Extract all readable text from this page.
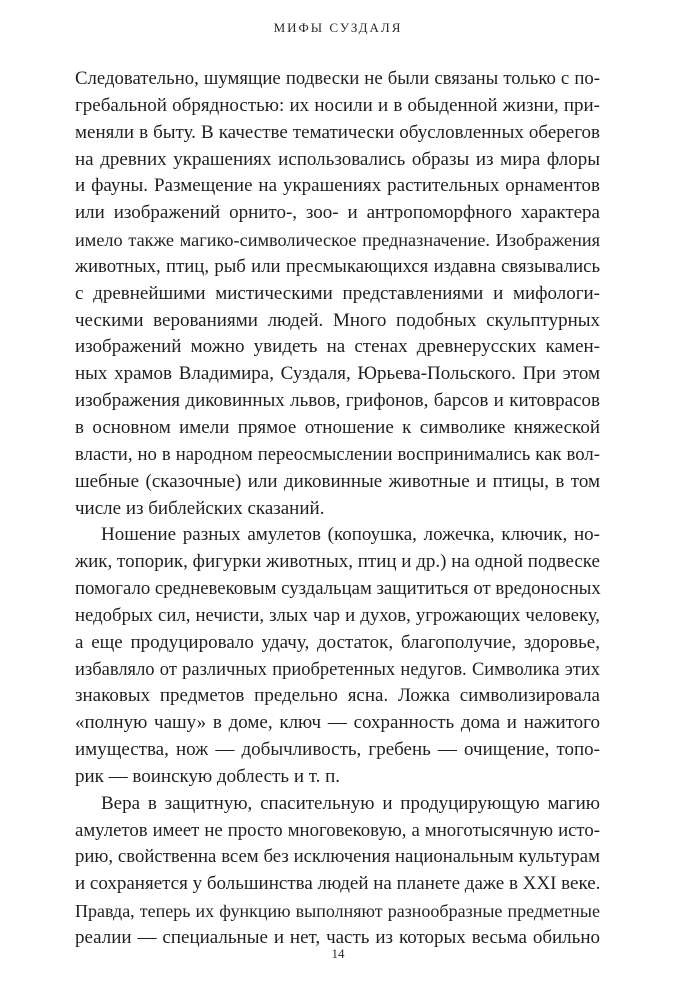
МИФЫ СУЗДАЛЯ
Следовательно, шумящие подвески не были связаны только с по-
гребальной обрядностью: их носили и в обыденной жизни, при-
меняли в быту. В качестве тематически обусловленных оберегов
на древних украшениях использовались образы из мира флоры
и фауны. Размещение на украшениях растительных орнаментов
или изображений орнито-, зоо- и антропоморфного характера
имело также магико-символическое предназначение. Изображения
животных, птиц, рыб или пресмыкающихся издавна связывались
с древнейшими мистическими представлениями и мифологи-
ческими верованиями людей. Много подобных скульптурных
изображений можно увидеть на стенах древнерусских камен-
ных храмов Владимира, Суздаля, Юрьева-Польского. При этом
изображения диковинных львов, грифонов, барсов и китоврасов
в основном имели прямое отношение к символике княжеской
власти, но в народном переосмыслении воспринимались как вол-
шебные (сказочные) или диковинные животные и птицы, в том
числе из библейских сказаний.
Ношение разных амулетов (копоушка, ложечка, ключик, но-
жик, топорик, фигурки животных, птиц и др.) на одной подвеске
помогало средневековым суздальцам защититься от вредоносных
недобрых сил, нечисти, злых чар и духов, угрожающих человеку,
а еще продуцировало удачу, достаток, благополучие, здоровье,
избавляло от различных приобретенных недугов. Символика этих
знаковых предметов предельно ясна. Ложка символизировала
«полную чашу» в доме, ключ — сохранность дома и нажитого
имущества, нож — добычливость, гребень — очищение, топо-
рик — воинскую доблесть и т. п.
Вера в защитную, спасительную и продуцирующую магию
амулетов имеет не просто многовековую, а многотысячную исто-
рию, свойственна всем без исключения национальным культурам
и сохраняется у большинства людей на планете даже в XXI веке.
Правда, теперь их функцию выполняют разнообразные предметные
реалии — специальные и нет, часть из которых весьма обильно
14
